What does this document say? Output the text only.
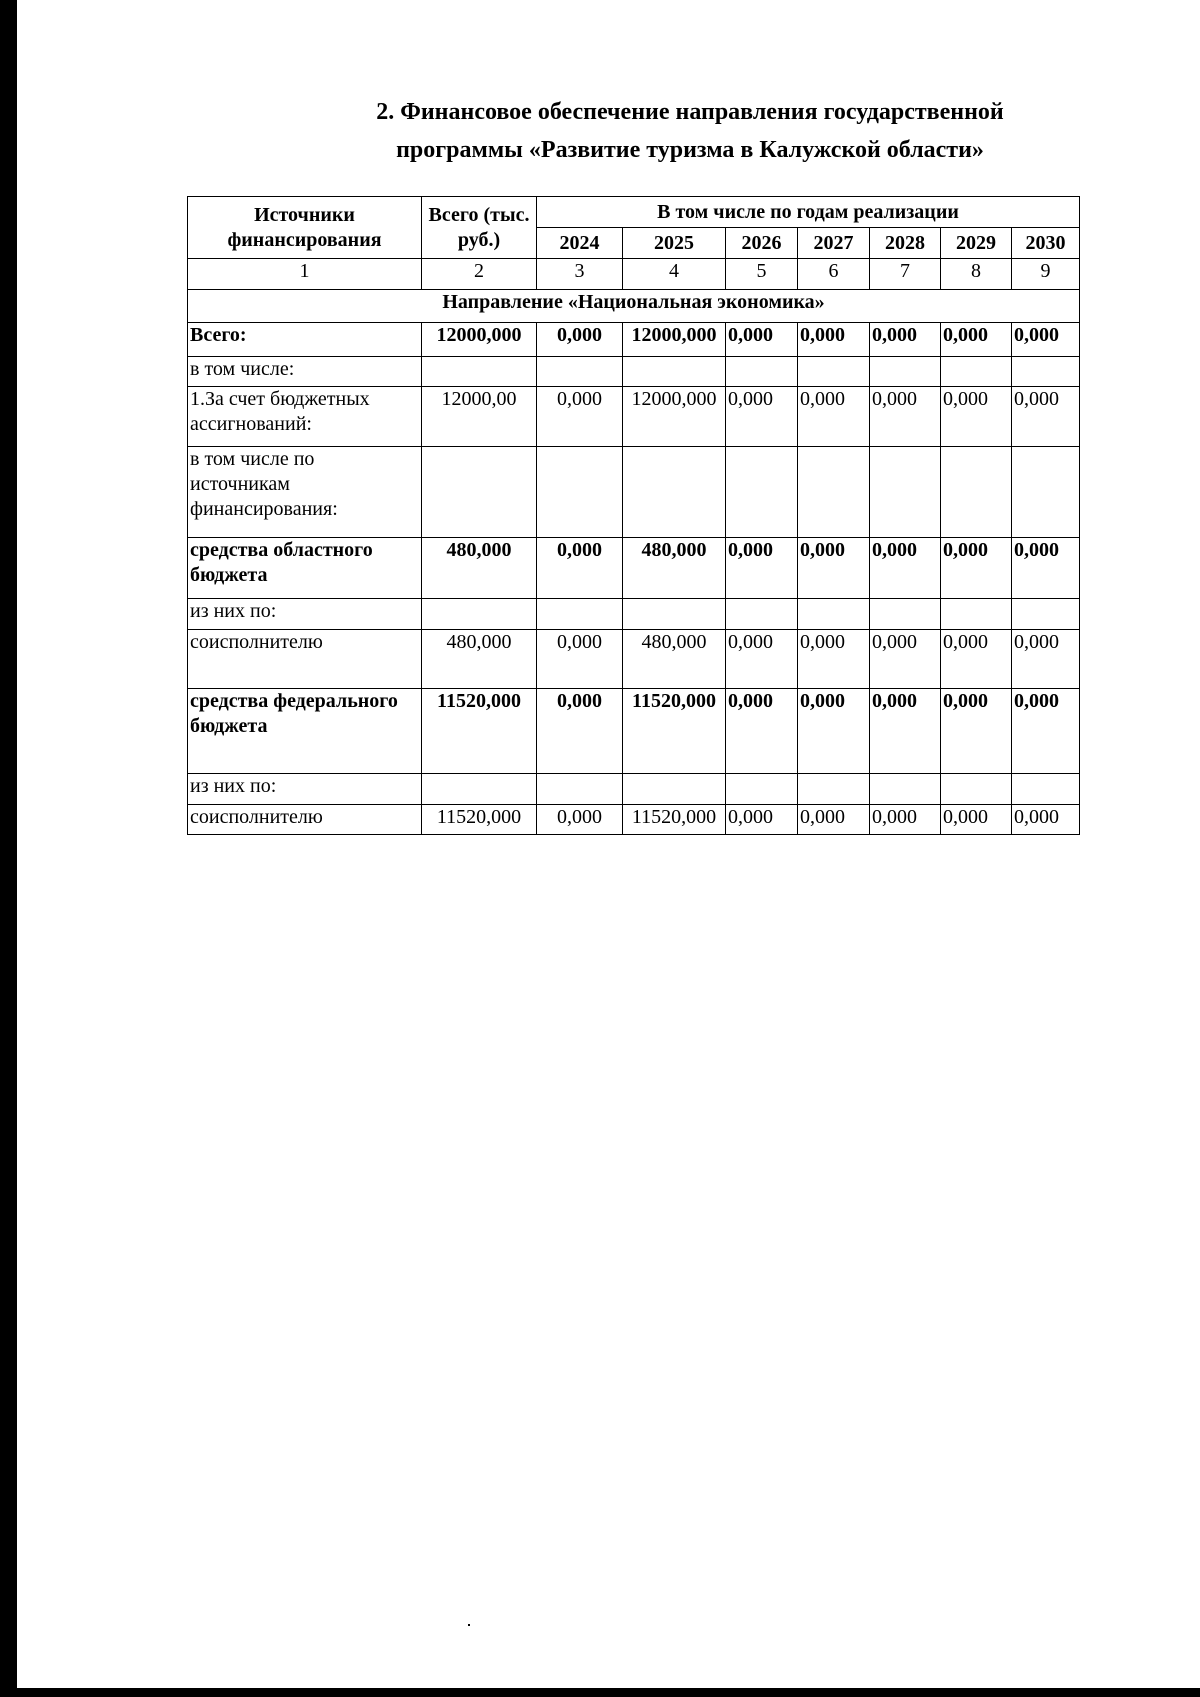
2. Финансовое обеспечение направления государственной
программы «Развитие туризма в Калужской области»
Источники финансирования	Всего (тыс. руб.)	В том числе по годам реализации						
		2024	2025	2026	2027	2028	2029	2030
1	2	3	4	5	6	7	8	9
Направление «Национальная экономика»								
Всего:	12000,000	0,000	12000,000	0,000	0,000	0,000	0,000	0,000
в том числе:								
1.За счет бюджетных ассигнований:	12000,00	0,000	12000,000	0,000	0,000	0,000	0,000	0,000
в том числе по источникам финансирования:								
средства областного бюджета	480,000	0,000	480,000	0,000	0,000	0,000	0,000	0,000
из них по:								
соисполнителю	480,000	0,000	480,000	0,000	0,000	0,000	0,000	0,000
средства федерального бюджета	11520,000	0,000	11520,000	0,000	0,000	0,000	0,000	0,000
из них по:								
соисполнителю	11520,000	0,000	11520,000	0,000	0,000	0,000	0,000	0,000
